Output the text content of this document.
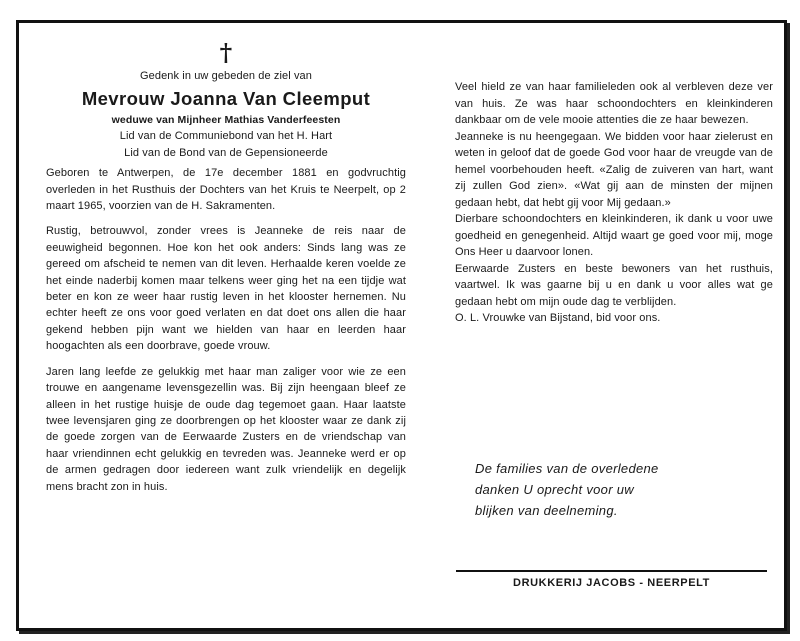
†
Gedenk in uw gebeden de ziel van
Mevrouw Joanna Van Cleemput
weduwe van Mijnheer Mathias Vanderfeesten
Lid van de Communiebond van het H. Hart
Lid van de Bond van de Gepensioneerde

Geboren te Antwerpen, de 17e december 1881 en godvruchtig overleden in het Rusthuis der Dochters van het Kruis te Neerpelt, op 2 maart 1965, voorzien van de H. Sakramenten.

Rustig, betrouwvol, zonder vrees is Jeanneke de reis naar de eeuwigheid begonnen. Hoe kon het ook anders: Sinds lang was ze gereed om afscheid te nemen van dit leven. Herhaalde keren voelde ze het einde naderbij komen maar telkens weer ging het na een tijdje wat beter en kon ze weer haar rustig leven in het klooster hernemen. Nu echter heeft ze ons voor goed verlaten en dat doet ons allen die haar gekend hebben pijn want we hielden van haar en leerden haar hoogachten als een doorbrave, goede vrouw.

Jaren lang leefde ze gelukkig met haar man zaliger voor wie ze een trouwe en aangename levensgezellin was. Bij zijn heengaan bleef ze alleen in het rustige huisje de oude dag tegemoet gaan. Haar laatste twee levensjaren ging ze doorbrengen op het klooster waar ze dank zij de goede zorgen van de Eerwaarde Zusters en de vriendschap van haar vriendinnen echt gelukkig en tevreden was. Jeanneke werd er op de armen gedragen door iedereen want zulk vriendelijk en degelijk mens bracht zon in huis.

Veel hield ze van haar familieleden ook al verbleven deze ver van huis. Ze was haar schoondochters en kleinkinderen dankbaar om de vele mooie attenties die ze haar bewezen.

Jeanneke is nu heengegaan. We bidden voor haar zielerust en weten in geloof dat de goede God voor haar de vreugde van de hemel voorbehouden heeft. «Zalig de zuiveren van hart, want zij zullen God zien». «Wat gij aan de minsten der mijnen gedaan hebt, dat hebt gij voor Mij gedaan.»

Dierbare schoondochters en kleinkinderen, ik dank u voor uwe goedheid en genegenheid. Altijd waart ge goed voor mij, moge Ons Heer u daarvoor lonen.

Eerwaarde Zusters en beste bewoners van het rusthuis, vaartwel. Ik was gaarne bij u en dank u voor alles wat ge gedaan hebt om mijn oude dag te verblijden.

O. L. Vrouwke van Bijstand, bid voor ons.

De families van de overledene
danken U oprecht voor uw
blijken van deelneming.
DRUKKERIJ JACOBS - NEERPELT
